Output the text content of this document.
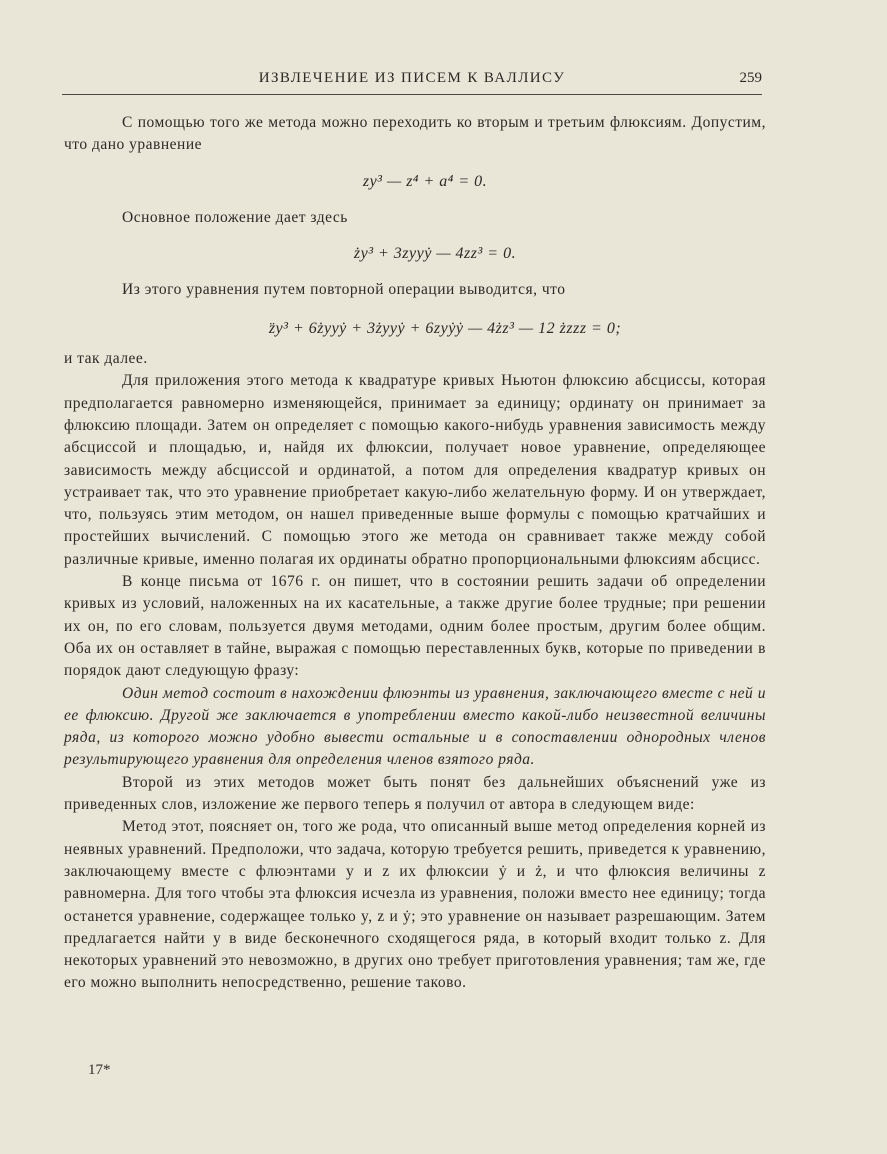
ИЗВЛЕЧЕНИЕ ИЗ ПИСЕМ К ВАЛЛИСУ	259

С помощью того же метода можно переходить ко вторым и третьим флюксиям. Допустим, что дано уравнение

zy³ — z⁴ + a⁴ = 0.

Основное положение дает здесь

żу³ + 3zyyẏ — 4zz³ = 0.

Из этого уравнения путем повторной операции выводится, что

z̈y³ + 6żyyẏ + 3żyyẏ + 6zyẏẏ — 4żz³ — 12 żzzz = 0;

и так далее.

Для приложения этого метода к квадратуре кривых Ньютон флюксию абсциссы, которая предполагается равномерно изменяющейся, принимает за единицу; ординату он принимает за флюксию площади. Затем он определяет с помощью какого-нибудь уравнения зависимость между абсциссой и площадью, и, найдя их флюксии, получает новое уравнение, определяющее зависимость между абсциссой и ординатой, а потом для определения квадратур кривых он устраивает так, что это уравнение приобретает какую-либо желательную форму. И он утверждает, что, пользуясь этим методом, он нашел приведенные выше формулы с помощью кратчайших и простейших вычислений. С помощью этого же метода он сравнивает также между собой различные кривые, именно полагая их ординаты обратно пропорциональными флюксиям абсцисс.

В конце письма от 1676 г. он пишет, что в состоянии решить задачи об определении кривых из условий, наложенных на их касательные, а также другие более трудные; при решении их он, по его словам, пользуется двумя методами, одним более простым, другим более общим. Оба их он оставляет в тайне, выражая с помощью переставленных букв, которые по приведении в порядок дают следующую фразу:

Один метод состоит в нахождении флюэнты из уравнения, заключающего вместе с ней и ее флюксию. Другой же заключается в употреблении вместо какой-либо неизвестной величины ряда, из которого можно удобно вывести остальные и в сопоставлении однородных членов результирующего уравнения для определения членов взятого ряда.

Второй из этих методов может быть понят без дальнейших объяснений уже из приведенных слов, изложение же первого теперь я получил от автора в следующем виде:

Метод этот, поясняет он, того же рода, что описанный выше метод определения корней из неявных уравнений. Предположи, что задача, которую требуется решить, приведется к уравнению, заключающему вместе с флюэнтами y и z их флюксии ẏ и ż, и что флюксия величины z равномерна. Для того чтобы эта флюксия исчезла из уравнения, положи вместо нее единицу; тогда останется уравнение, содержащее только y, z и ẏ; это уравнение он называет разрешающим. Затем предлагается найти y в виде бесконечного сходящегося ряда, в который входит только z. Для некоторых уравнений это невозможно, в других оно требует приготовления уравнения; там же, где его можно выполнить непосредственно, решение таково.

17*
